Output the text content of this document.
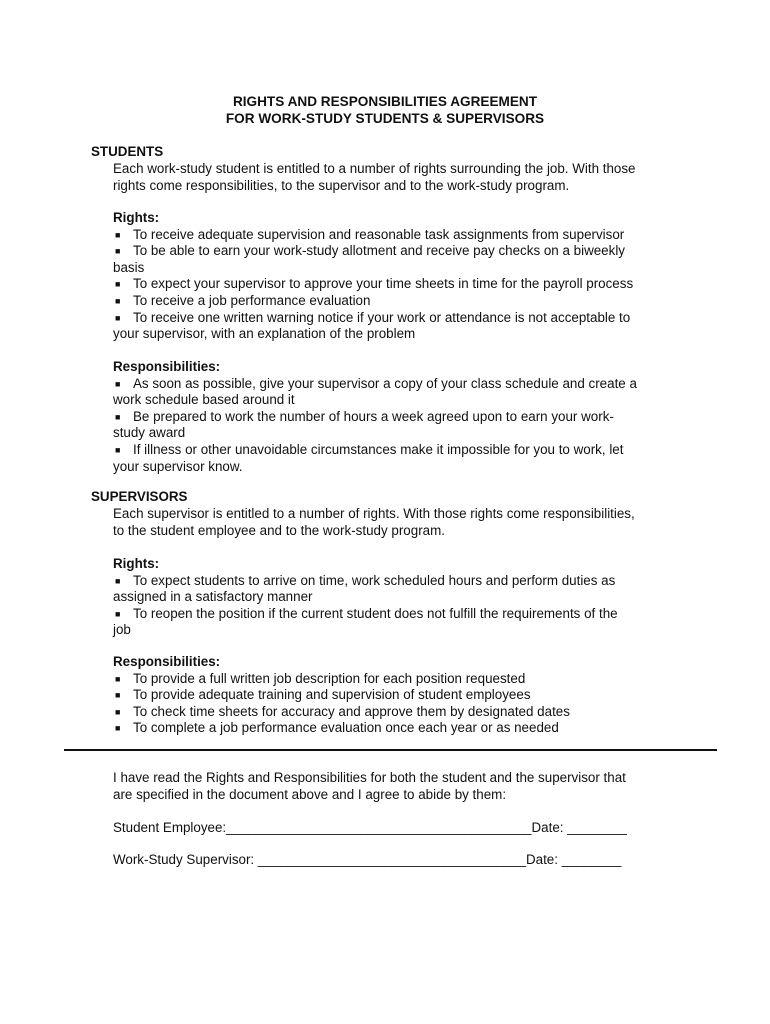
RIGHTS AND RESPONSIBILITIES AGREEMENT
FOR WORK-STUDY STUDENTS & SUPERVISORS
STUDENTS

Each work-study student is entitled to a number of rights surrounding the job. With those

rights come responsibilities, to the supervisor and to the work-study program.

Rights:

■ To receive adequate supervision and reasonable task assignments from supervisor

■ To be able to earn your work-study allotment and receive pay checks on a biweekly

basis

■ To expect your supervisor to approve your time sheets in time for the payroll process

■ To receive a job performance evaluation

■ To receive one written warning notice if your work or attendance is not acceptable to

your supervisor, with an explanation of the problem

Responsibilities:

■ As soon as possible, give your supervisor a copy of your class schedule and create a

work schedule based around it

■ Be prepared to work the number of hours a week agreed upon to earn your work-

study award

■ If illness or other unavoidable circumstances make it impossible for you to work, let

your supervisor know.

SUPERVISORS

Each supervisor is entitled to a number of rights. With those rights come responsibilities,

to the student employee and to the work-study program.

Rights:

■ To expect students to arrive on time, work scheduled hours and perform duties as

assigned in a satisfactory manner

■ To reopen the position if the current student does not fulfill the requirements of the

job

Responsibilities:

■ To provide a full written job description for each position requested

■ To provide adequate training and supervision of student employees

■ To check time sheets for accuracy and approve them by designated dates

■ To complete a job performance evaluation once each year or as needed

I have read the Rights and Responsibilities for both the student and the supervisor that

are specified in the document above and I agree to abide by them:

Student Employee:_________________________________________Date: ________
Work-Study Supervisor: ____________________________________Date: ________
